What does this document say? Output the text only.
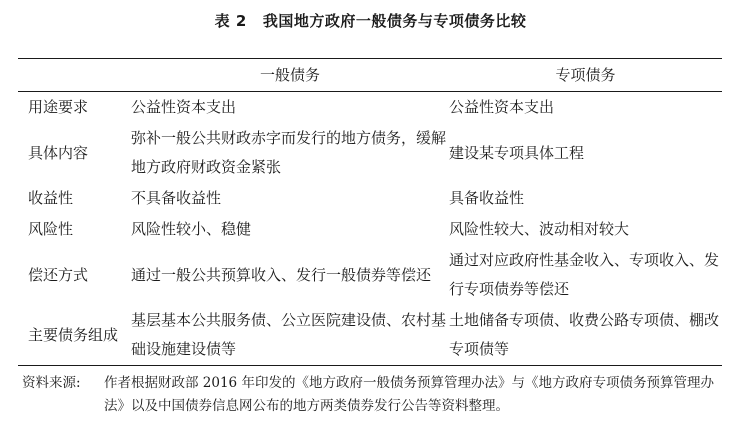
表 2 我国地方政府一般债务与专项债务比较
	一般债务	专项债务
用途要求	公益性资本支出	公益性资本支出
具体内容	弥补一般公共财政赤字而发行的地方债务，缓解地方政府财政资金紧张	建设某专项具体工程
收益性	不具备收益性	具备收益性
风险性	风险性较小、稳健	风险性较大、波动相对较大
偿还方式	通过一般公共预算收入、发行一般债券等偿还	通过对应政府性基金收入、专项收入、发行专项债券等偿还
主要债务组成	基层基本公共服务债、公立医院建设债、农村基础设施建设债等	土地储备专项债、收费公路专项债、棚改专项债等
资料来源: 作者根据财政部 2016 年印发的《地方政府一般债务预算管理办法》与《地方政府专项债务预算管理办法》以及中国债券信息网公布的地方两类债券发行公告等资料整理。
